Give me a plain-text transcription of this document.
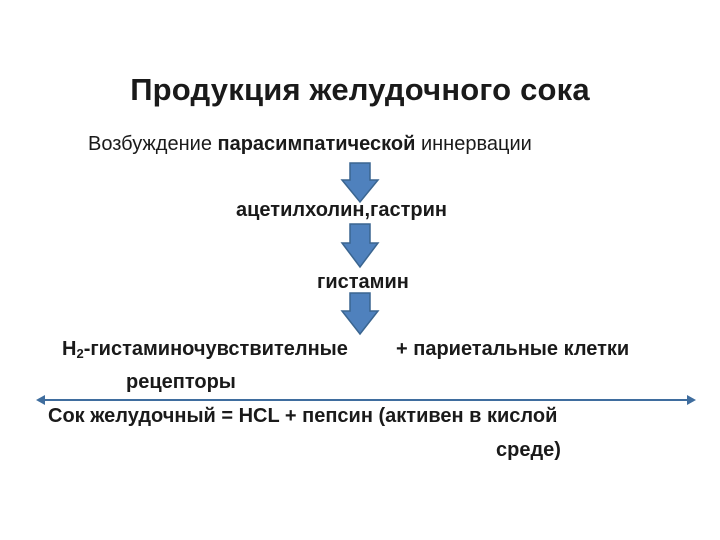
Продукция желудочного сока
Возбуждение парасимпатической иннервации
ацетилхолин,гастрин
гистамин
$H_2$-гистаминочувствителные + париетальные клетки
рецепторы
Сок желудочный = HCL + пепсин (активен в кислой
среде)
